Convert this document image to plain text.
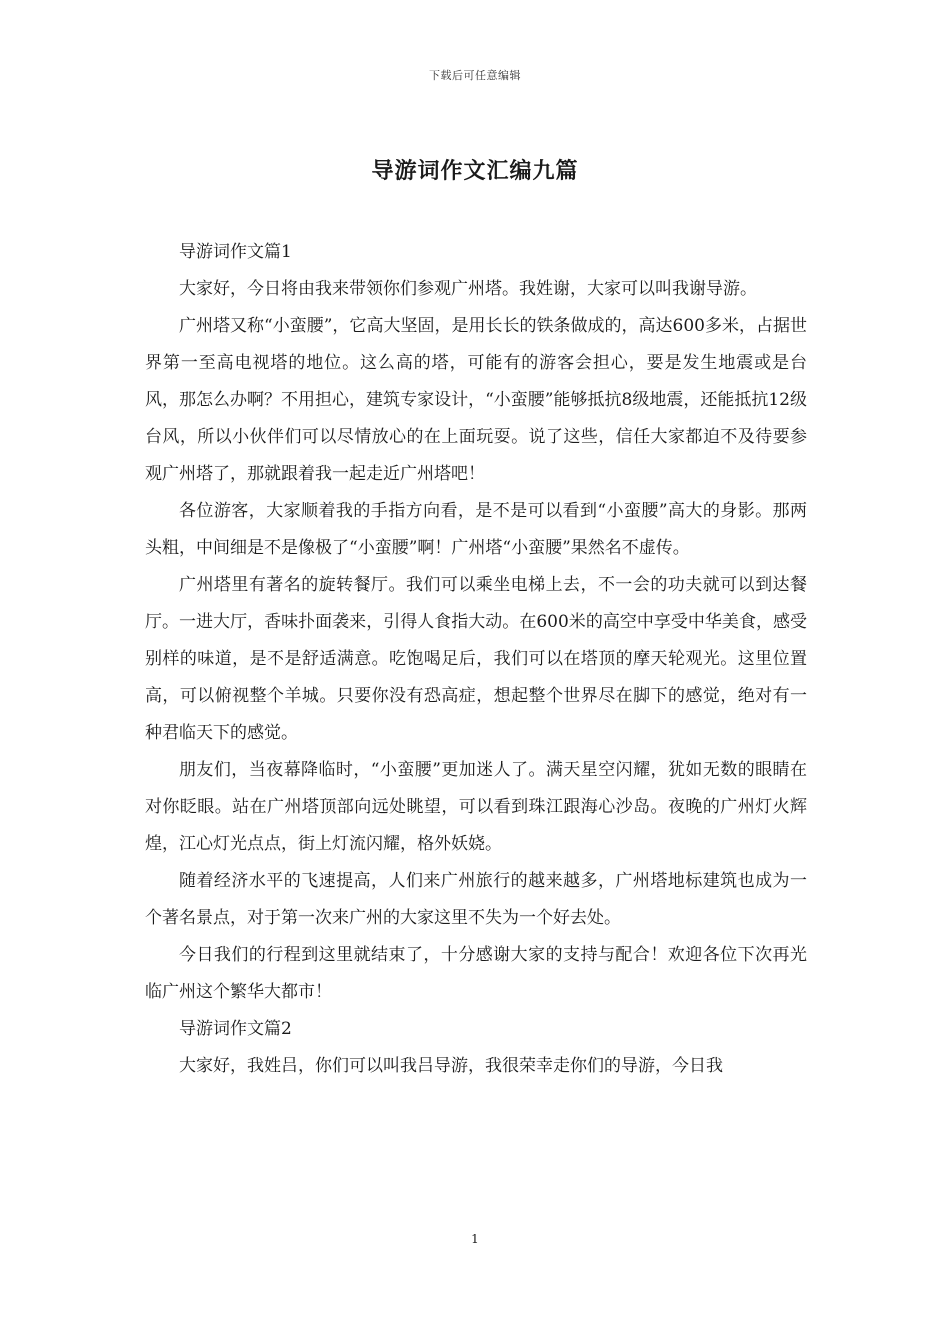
下载后可任意编辑
导游词作文汇编九篇

导游词作文篇1

大家好，今日将由我来带领你们参观广州塔。我姓谢，大家可以叫我谢导游。

广州塔又称“小蛮腰”，它高大坚固，是用长长的铁条做成的，高达600多米，占据世界第一至高电视塔的地位。这么高的塔，可能有的游客会担心，要是发生地震或是台风，那怎么办啊？不用担心，建筑专家设计，“小蛮腰”能够抵抗8级地震，还能抵抗12级台风，所以小伙伴们可以尽情放心的在上面玩耍。说了这些，信任大家都迫不及待要参观广州塔了，那就跟着我一起走近广州塔吧！

各位游客，大家顺着我的手指方向看，是不是可以看到“小蛮腰”高大的身影。那两头粗，中间细是不是像极了“小蛮腰”啊！广州塔“小蛮腰”果然名不虚传。

广州塔里有著名的旋转餐厅。我们可以乘坐电梯上去，不一会的功夫就可以到达餐厅。一进大厅，香味扑面袭来，引得人食指大动。在600米的高空中享受中华美食，感受别样的味道，是不是舒适满意。吃饱喝足后，我们可以在塔顶的摩天轮观光。这里位置高，可以俯视整个羊城。只要你没有恐高症，想起整个世界尽在脚下的感觉，绝对有一种君临天下的感觉。

朋友们，当夜幕降临时，“小蛮腰”更加迷人了。满天星空闪耀，犹如无数的眼睛在对你眨眼。站在广州塔顶部向远处眺望，可以看到珠江跟海心沙岛。夜晚的广州灯火辉煌，江心灯光点点，街上灯流闪耀，格外妖娆。

随着经济水平的飞速提高，人们来广州旅行的越来越多，广州塔地标建筑也成为一个著名景点，对于第一次来广州的大家这里不失为一个好去处。

今日我们的行程到这里就结束了，十分感谢大家的支持与配合！欢迎各位下次再光临广州这个繁华大都市！

导游词作文篇2

大家好，我姓吕，你们可以叫我吕导游，我很荣幸走你们的导游，今日我

1
